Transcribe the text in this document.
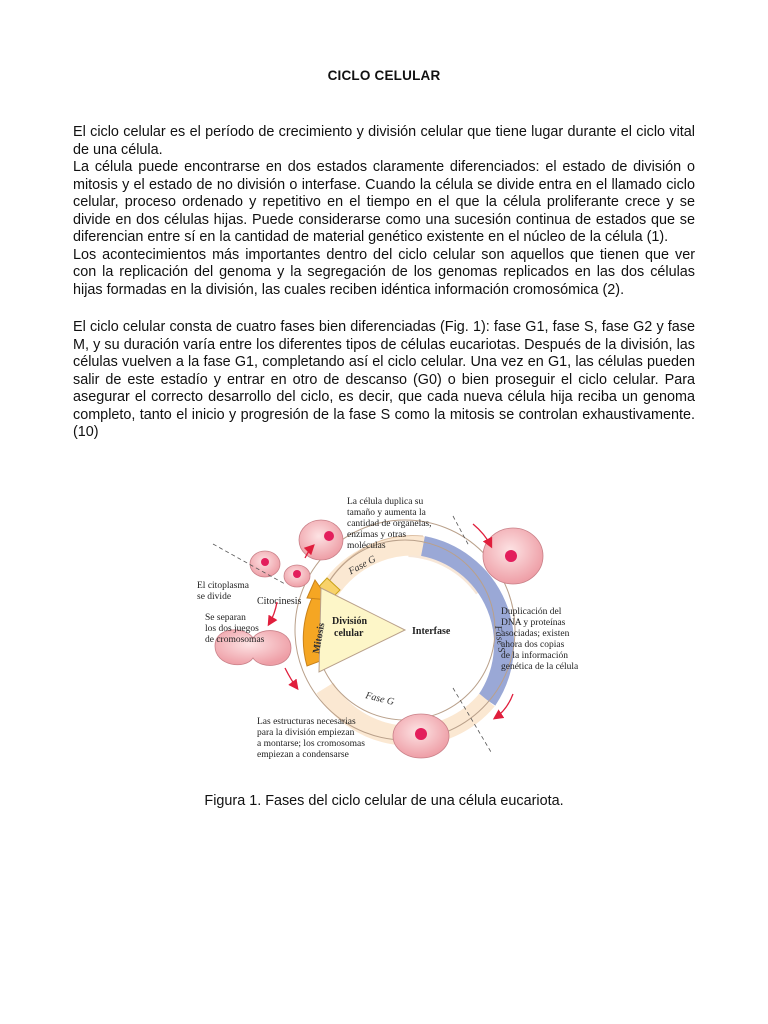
CICLO CELULAR

El ciclo celular es el período de crecimiento y división celular que tiene lugar durante el ciclo vital de una célula.

La célula puede encontrarse en dos estados claramente diferenciados: el estado de división o mitosis y el estado de no división o interfase. Cuando la célula se divide entra en el llamado ciclo celular, proceso ordenado y repetitivo en el tiempo en el que la célula proliferante crece y se divide en dos células hijas. Puede considerarse como una sucesión continua de estados que se diferencian entre sí en la cantidad de material genético existente en el núcleo de la célula (1).

Los acontecimientos más importantes dentro del ciclo celular son aquellos que tienen que ver con la replicación del genoma y la segregación de los genomas replicados en las dos células hijas formadas en la división, las cuales reciben idéntica información cromosómica (2).

El ciclo celular consta de cuatro fases bien diferenciadas (Fig. 1): fase G1, fase S, fase G2 y fase M, y su duración varía entre los diferentes tipos de células eucariotas. Después de la división, las células vuelven a la fase G1, completando así el ciclo celular. Una vez en G1, las células pueden salir de este estadío y entrar en otro de descanso (G0) o bien proseguir el ciclo celular. Para asegurar el correcto desarrollo del ciclo, es decir, que cada nueva célula hija reciba un genoma completo, tanto el inicio y progresión de la fase S como la mitosis se controlan exhaustivamente. (10)

Fase G
Fase S
Fase G
Mitosis
Citocinesis
División
celular	Interfase
La célula duplica su
tamaño y aumenta la
cantidad de organelas,
enzimas y otras
moléculas
Duplicación del
DNA y proteínas
asociadas; existen
ahora dos copias
de la información
genética de la célula
Las estructuras necesarias
para la división empiezan
a montarse; los cromosomas
empiezan a condensarse
El citoplasma
se divide
Se separan
los dos juegos
de cromosomas
Figura 1. Fases del ciclo celular de una célula eucariota.
